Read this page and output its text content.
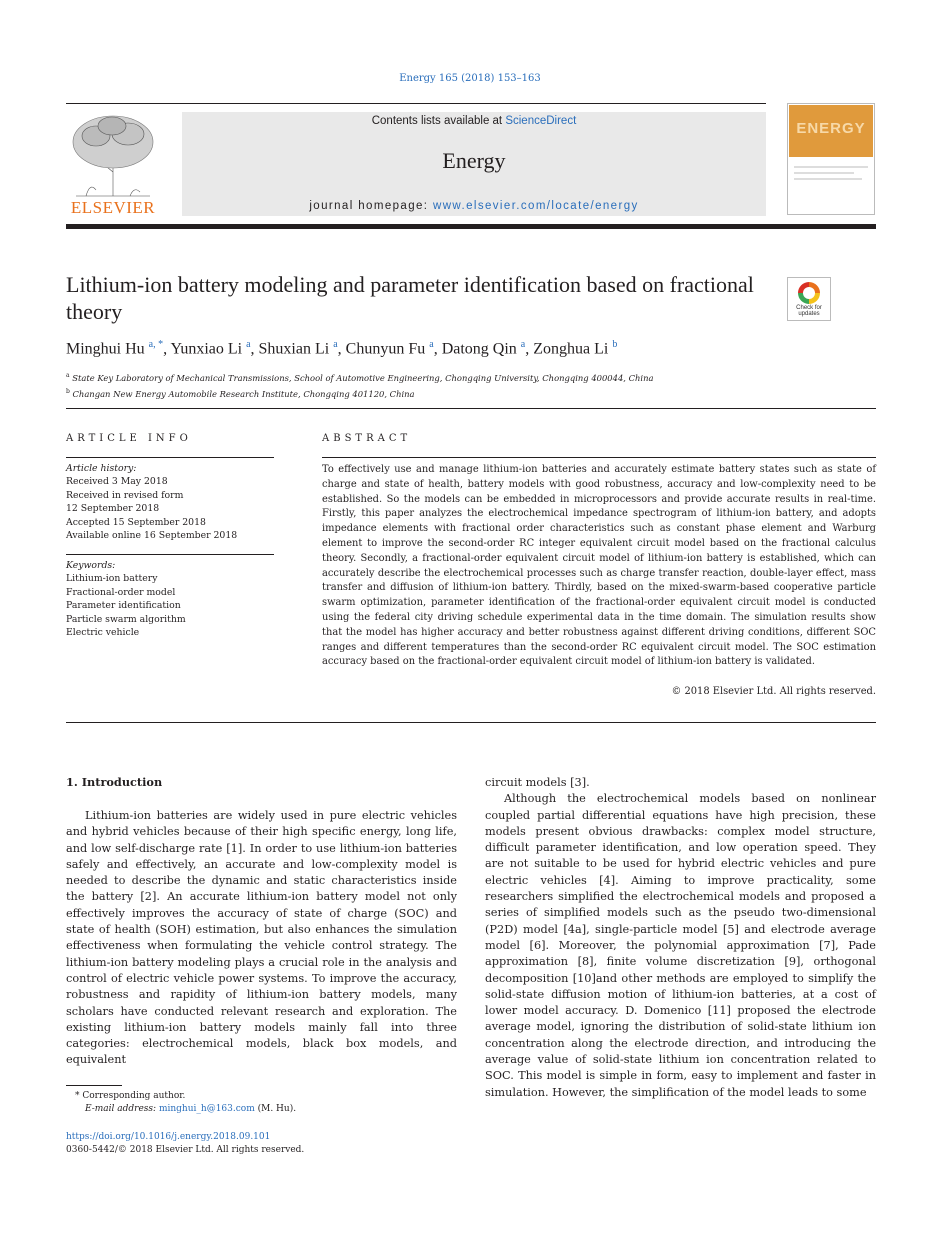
Energy 165 (2018) 153–163
ELSEVIER
Contents lists available at ScienceDirect
Energy
journal homepage: www.elsevier.com/locate/energy
ENERGY
Lithium-ion battery modeling and parameter identification based on fractional theory	Check for
updates
Minghui Hu $^{a, *}$, Yunxiao Li $^a$, Shuxian Li $^a$, Chunyun Fu $^a$, Datong Qin $^a$, Zonghua Li $^b$
$^a$ State Key Laboratory of Mechanical Transmissions, School of Automotive Engineering, Chongqing University, Chongqing 400044, China
$^b$ Changan New Energy Automobile Research Institute, Chongqing 401120, China
ARTICLE INFO
Article history:
Received 3 May 2018
Received in revised form
12 September 2018
Accepted 15 September 2018
Available online 16 September 2018
Keywords:
Lithium-ion battery
Fractional-order model
Parameter identification
Particle swarm algorithm
Electric vehicle
ABSTRACT

To effectively use and manage lithium-ion batteries and accurately estimate battery states such as state of charge and state of health, battery models with good robustness, accuracy and low-complexity need to be established. So the models can be embedded in microprocessors and provide accurate results in real-time. Firstly, this paper analyzes the electrochemical impedance spectrogram of lithium-ion battery, and adopts impedance elements with fractional order characteristics such as constant phase element and Warburg element to improve the second-order RC integer equivalent circuit model based on the fractional calculus theory. Secondly, a fractional-order equivalent circuit model of lithium-ion battery is established, which can accurately describe the electrochemical processes such as charge transfer reaction, double-layer effect, mass transfer and diffusion of lithium-ion battery. Thirdly, based on the mixed-swarm-based cooperative particle swarm optimization, parameter identification of the fractional-order equivalent circuit model is conducted using the federal city driving schedule experimental data in the time domain. The simulation results show that the model has higher accuracy and better robustness against different driving conditions, different SOC ranges and different temperatures than the second-order RC equivalent circuit model. The SOC estimation accuracy based on the fractional-order equivalent circuit model of lithium-ion battery is validated.

© 2018 Elsevier Ltd. All rights reserved.
1. Introduction

Lithium-ion batteries are widely used in pure electric vehicles and hybrid vehicles because of their high specific energy, long life, and low self-discharge rate [1]. In order to use lithium-ion batteries safely and effectively, an accurate and low-complexity model is needed to describe the dynamic and static characteristics inside the battery [2]. An accurate lithium-ion battery model not only effectively improves the accuracy of state of charge (SOC) and state of health (SOH) estimation, but also enhances the simulation effectiveness when formulating the vehicle control strategy. The lithium-ion battery modeling plays a crucial role in the analysis and control of electric vehicle power systems. To improve the accuracy, robustness and rapidity of lithium-ion battery models, many scholars have conducted relevant research and exploration. The existing lithium-ion battery models mainly fall into three categories: electrochemical models, black box models, and equivalent

circuit models [3].

Although the electrochemical models based on nonlinear coupled partial differential equations have high precision, these models present obvious drawbacks: complex model structure, difficult parameter identification, and low operation speed. They are not suitable to be used for hybrid electric vehicles and pure electric vehicles [4]. Aiming to improve practicality, some researchers simplified the electrochemical models and proposed a series of simplified models such as the pseudo two-dimensional (P2D) model [4a], single-particle model [5] and electrode average model [6]. Moreover, the polynomial approximation [7], Pade approximation [8], finite volume discretization [9], orthogonal decomposition [10]and other methods are employed to simplify the solid-state diffusion motion of lithium-ion batteries, at a cost of lower model accuracy. D. Domenico [11] proposed the electrode average model, ignoring the distribution of solid-state lithium ion concentration along the electrode direction, and introducing the average value of solid-state lithium ion concentration related to SOC. This model is simple in form, easy to implement and faster in simulation. However, the simplification of the model leads to some

* Corresponding author.
E-mail address: minghui_h@163.com (M. Hu).
https://doi.org/10.1016/j.energy.2018.09.101
0360-5442/© 2018 Elsevier Ltd. All rights reserved.
